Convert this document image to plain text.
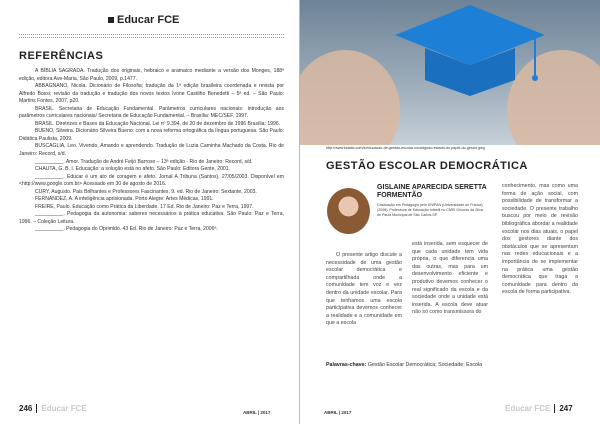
Educar FCE
REFERÊNCIAS

A BÍBLIA SAGRADA. Tradução dos originais, hebraico e aramaico mediante a versão dos Monges, 188ª edição, editora Ave-Maria, São Paulo, 2009, p.1477.

ABBAGNANO, Nicola. Dicionário de Filosofia; tradução da 1ª edição brasileira coordenada e revista por Alfredo Bossi; revisão da tradução e tradução dos novos textos Ivone Castilho Benedetti – 5ª ed. – São Paulo: Martins Fontes, 2007, p20.

BRASIL. Secretaria de Educação Fundamental. Parâmetros curriculares nacionais: introdução aos parâmetros curriculares nacionais/ Secretaria de Educação Fundamental. – Brasília: MEC/SEF, 1997.

BRASIL. Diretrizes e Bases da Educação Nacional. Lei nº 9.394, de 20 de dezembro de 1996 Brasília: 1996.

BUENO, Silveira. Dicionário Silveira Bueno: com a nova reforma ortográfica da língua portuguesa. São Paulo: Didática Paulista, 2009.

BUSCAGLIA, Leo. Vivendo, Amando e aprendendo. Tradução de Luzia Caminha Machado da Costa. Rio de Janeiro: Record, s/d.

__________. Amor. Tradução de André Feijó Barroso – 13ª edição - Rio de Janeiro: Record, s/d.

CHAUTA, G. B. I. Educação: a solução está no afeto. São Paulo: Editora Gente, 2001.

__________. Educar é um ato de coragem e afeto. Jornal A Tribuna (Santos), 27/05/2003. Disponível em <http://www.google.com.br> Acessado em 30 de agosto de 2016.

CURY, Augusto. Pais Brilhantes e Professores Fascinantes. 9. ed. Rio de Janeiro: Sextante, 2003.

FERNANDEZ, A. A inteligência aprisionada. Porto Alegre: Artes Médicas, 1991.

FREIRE, Paulo. Educação como Prática da Liberdade. 17 Ed. Rio de Janeiro: Paz e Terra, 1997.

__________. Pedagogia da autonomia: saberes necessários à prática educativa. São Paulo: Paz e Terra, 1996. – Coleção Leitura.

__________. Pedagogia do Oprimido. 43 Ed. Rio de Janeiro: Paz e Terra, 2006ª.

246 Educar FCE	ABRIL | 2017
http://www.kstatic.com/s/educacao-de-gestao-escolar-moxidgedo-estado-do-papel-do-gestor.jpeg
GESTÃO ESCOLAR DEMOCRÁTICA
GISLAINE APARECIDA SERETTA FORMENTÃO
Graduação em Pedagogia pela UNIPAN (Universidade de Franca) (2008). Professora de Educação Infantil no CMEI Oriundo da Silva de Paula Municipal de São Carlos-SP.

O presente artigo discute a necessidade de uma gestão escolar democrática e compartilhada onde a comunidade tem voz e vez dentro da unidade escolar. Para que tenhamos uma escola participativa devemos conhecer a realidade e a comunidade em que a escola

está inserida, sem esquecer de que cada unidade tem vida própria, o que diferencia uma das outras, mas para um desenvolvimento eficiente e produtivo devemos conhecer o real significado da escola e da sociedade onde a unidade está inserida. A escola deve atuar não só como transmissora do

conhecimento, mas como uma forma de ação social, com possibilidade de transformar a sociedade. O presente trabalho buscou por meio de revisão bibliográfica abordar a realidade escolar nos dias atuais, o papel dos gestores diante dos obstáculos que se apresentam nas redes educacionais e a importância de se implementar na prática uma gestão democrática que traga a comunidade para dentro da escola de forma participativa.

Palavras-chave: Gestão Escolar Democrática; Sociedade; Escola
ABRIL | 2017	Educar FCE 247
